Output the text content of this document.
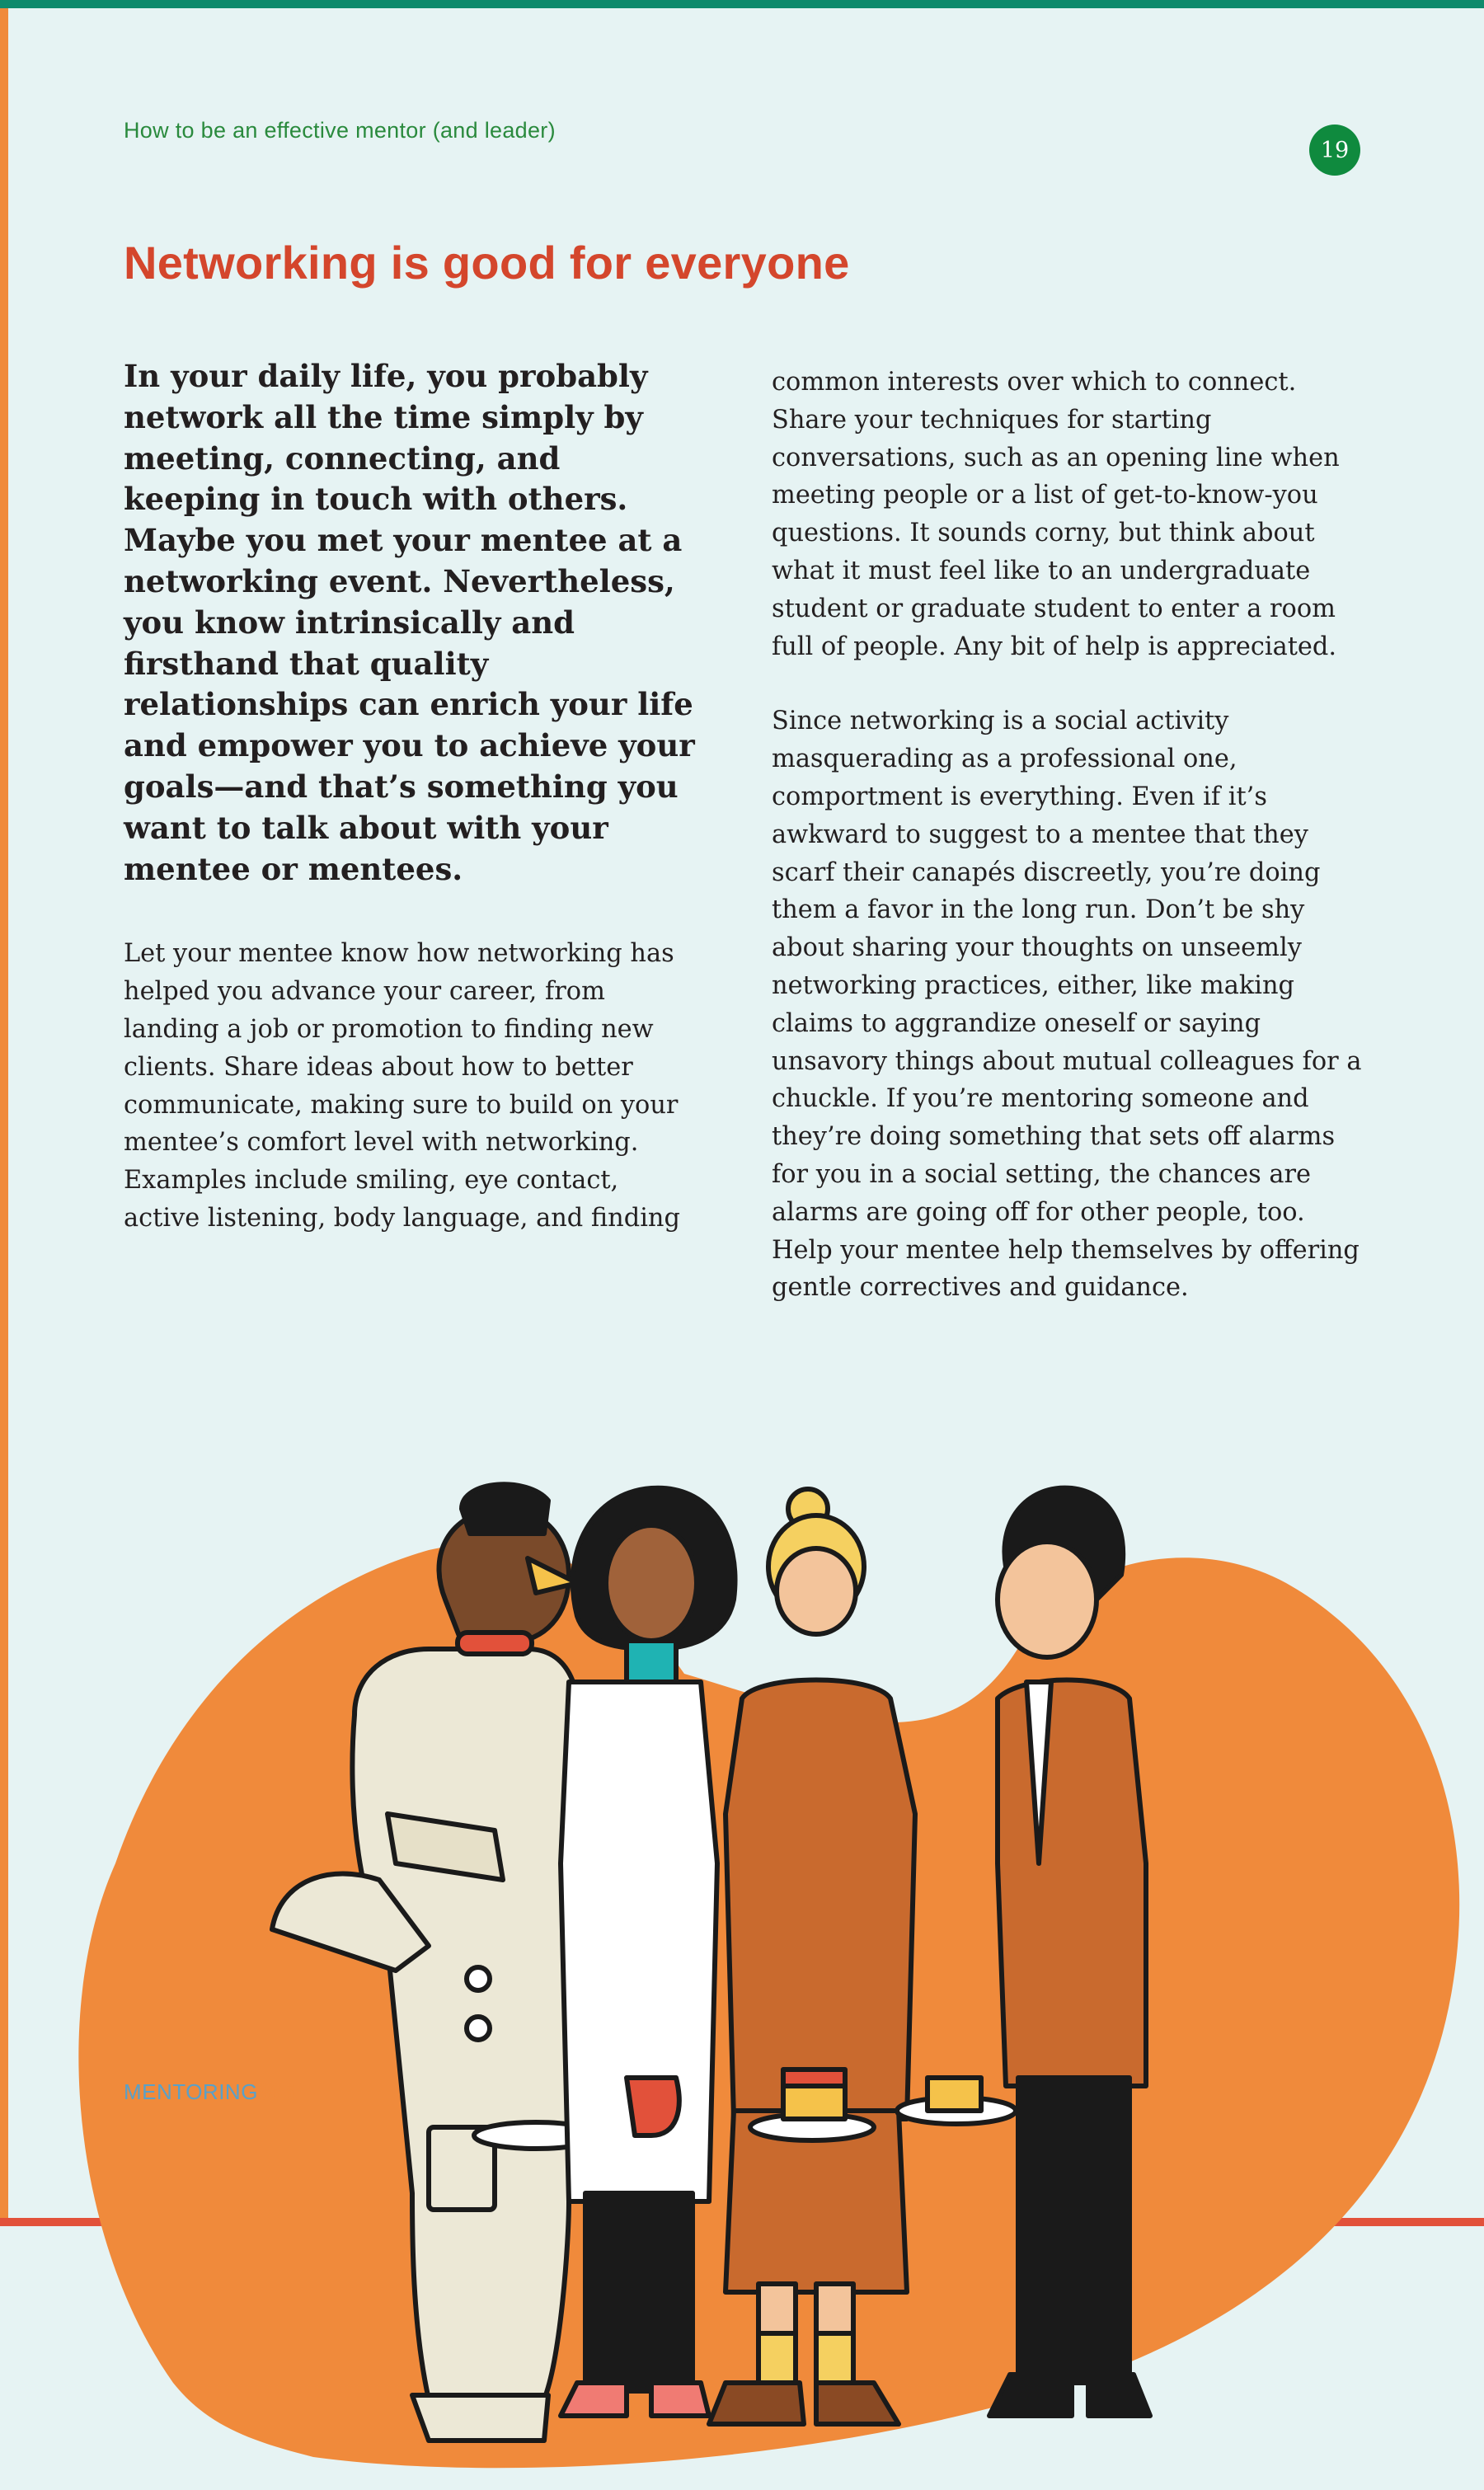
How to be an effective mentor (and leader)
19
Networking is good for everyone

In your daily life, you probably network all the time simply by meeting, connecting, and keeping in touch with others. Maybe you met your mentee at a networking event. Nevertheless, you know intrinsically and firsthand that quality relationships can enrich your life and empower you to achieve your goals—and that’s something you want to talk about with your mentee or mentees.

Let your mentee know how networking has helped you advance your career, from landing a job or promotion to finding new clients. Share ideas about how to better communicate, making sure to build on your mentee’s comfort level with networking. Examples include smiling, eye contact, active listening, body language, and finding

common interests over which to connect. Share your techniques for starting conversations, such as an opening line when meeting people or a list of get-to-know-you questions. It sounds corny, but think about what it must feel like to an undergraduate student or graduate student to enter a room full of people. Any bit of help is appreciated.

Since networking is a social activity masquerading as a professional one, comportment is everything. Even if it’s awkward to suggest to a mentee that they scarf their canapés discreetly, you’re doing them a favor in the long run. Don’t be shy about sharing your thoughts on unseemly networking practices, either, like making claims to aggrandize oneself or saying unsavory things about mutual colleagues for a chuckle. If you’re mentoring someone and they’re doing something that sets off alarms for you in a social setting, the chances are alarms are going off for other people, too. Help your mentee help themselves by offering gentle correctives and guidance.

MENTORING365
